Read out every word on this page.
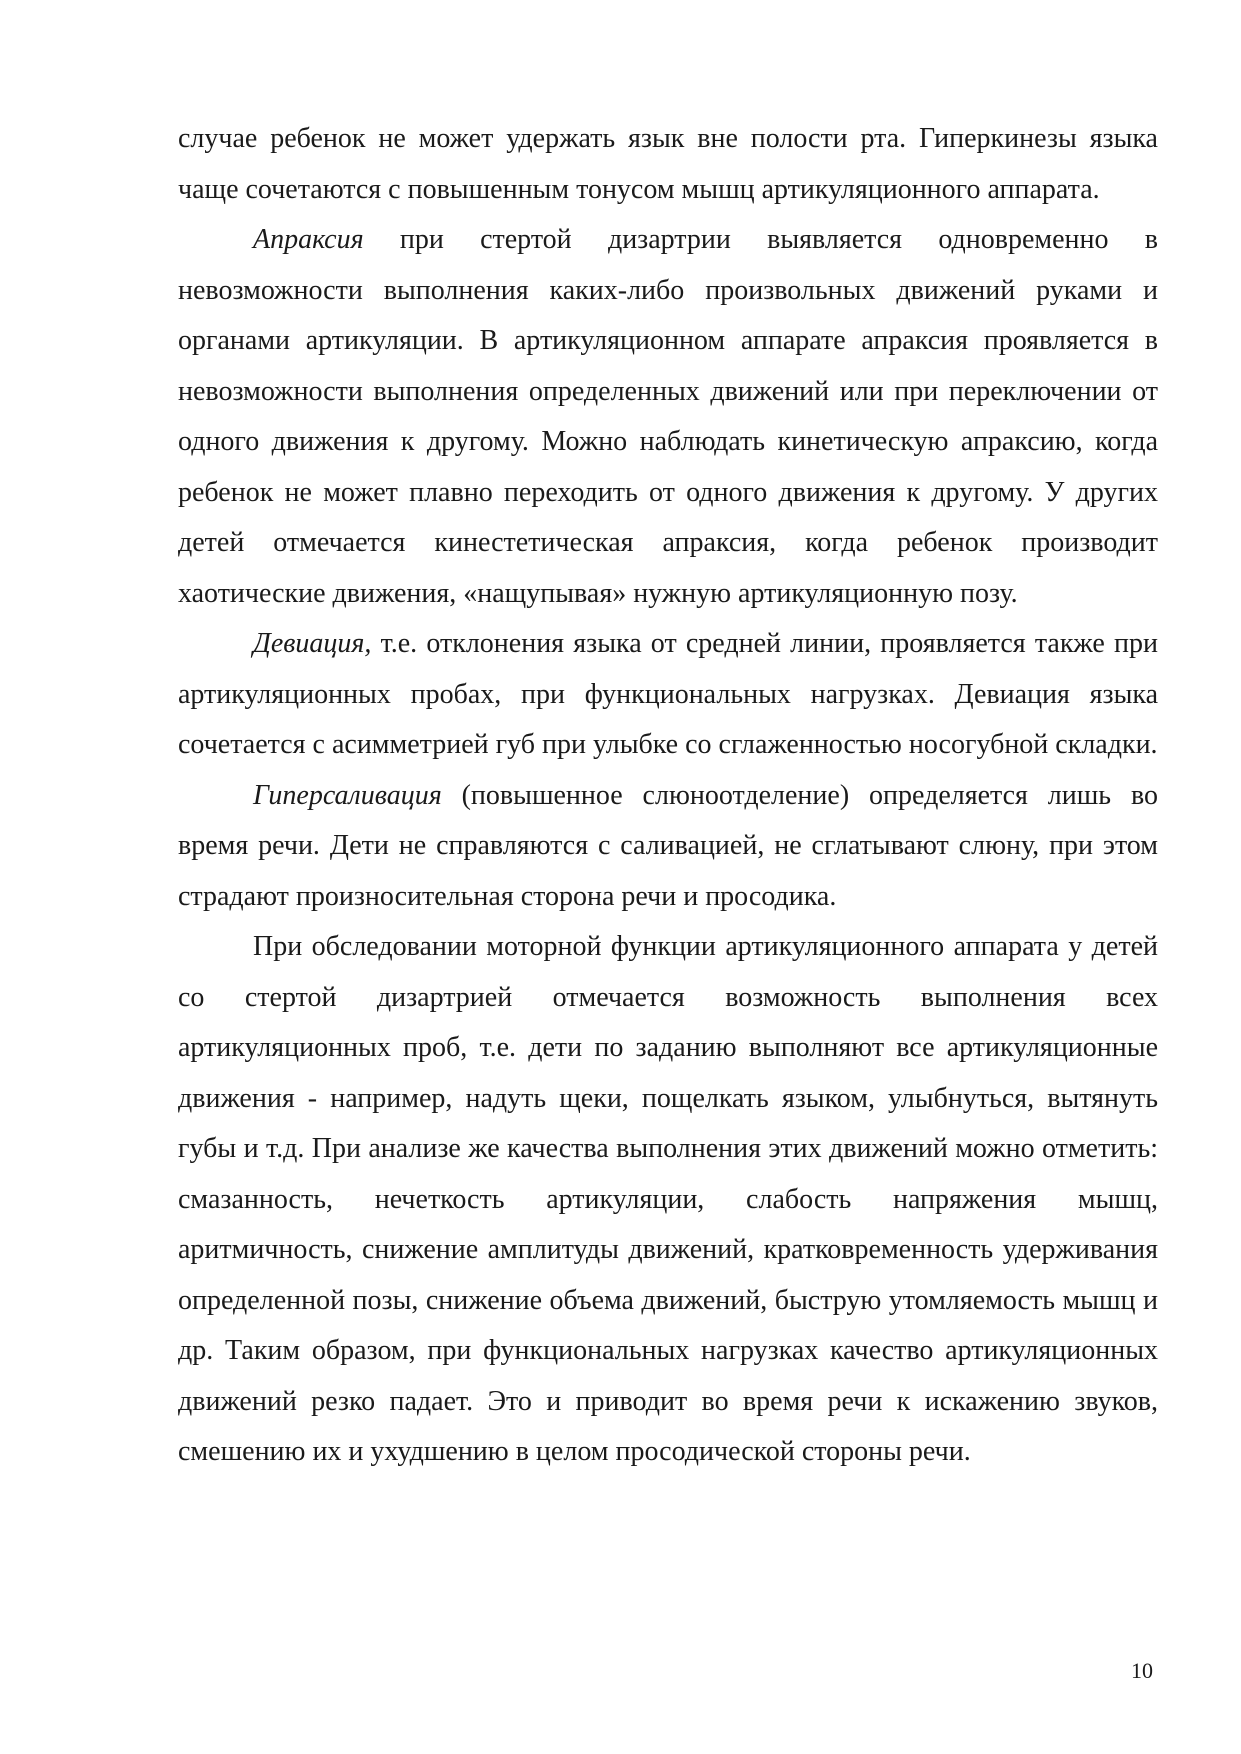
случае ребенок не может удержать язык вне полости рта. Гиперкинезы языка чаще сочетаются с повышенным тонусом мышц артикуляционного аппарата.

Апраксия при стертой дизартрии выявляется одновременно в невозможности выполнения каких-либо произвольных движений руками и органами артикуляции. В артикуляционном аппарате апраксия проявляется в невозможности выполнения определенных движений или при переключении от одного движения к другому. Можно наблюдать кинетическую апраксию, когда ребенок не может плавно переходить от одного движения к другому. У других детей отмечается кинестетическая апраксия, когда ребенок производит хаотические движения, «нащупывая» нужную артикуляционную позу.

Девиация, т.е. отклонения языка от средней линии, проявляется также при артикуляционных пробах, при функциональных нагрузках. Девиация языка сочетается с асимметрией губ при улыбке со сглаженностью носогубной складки.

Гиперсаливация (повышенное слюноотделение) определяется лишь во время речи. Дети не справляются с саливацией, не сглатывают слюну, при этом страдают произносительная сторона речи и просодика.

При обследовании моторной функции артикуляционного аппарата у детей со стертой дизартрией отмечается возможность выполнения всех артикуляционных проб, т.е. дети по заданию выполняют все артикуляционные движения - например, надуть щеки, пощелкать языком, улыбнуться, вытянуть губы и т.д. При анализе же качества выполнения этих движений можно отметить: смазанность, нечеткость артикуляции, слабость напряжения мышц, аритмичность, снижение амплитуды движений, кратковременность удерживания определенной позы, снижение объема движений, быструю утомляемость мышц и др. Таким образом, при функциональных нагрузках качество артикуляционных движений резко падает. Это и приводит во время речи к искажению звуков, смешению их и ухудшению в целом просодической стороны речи.

10
